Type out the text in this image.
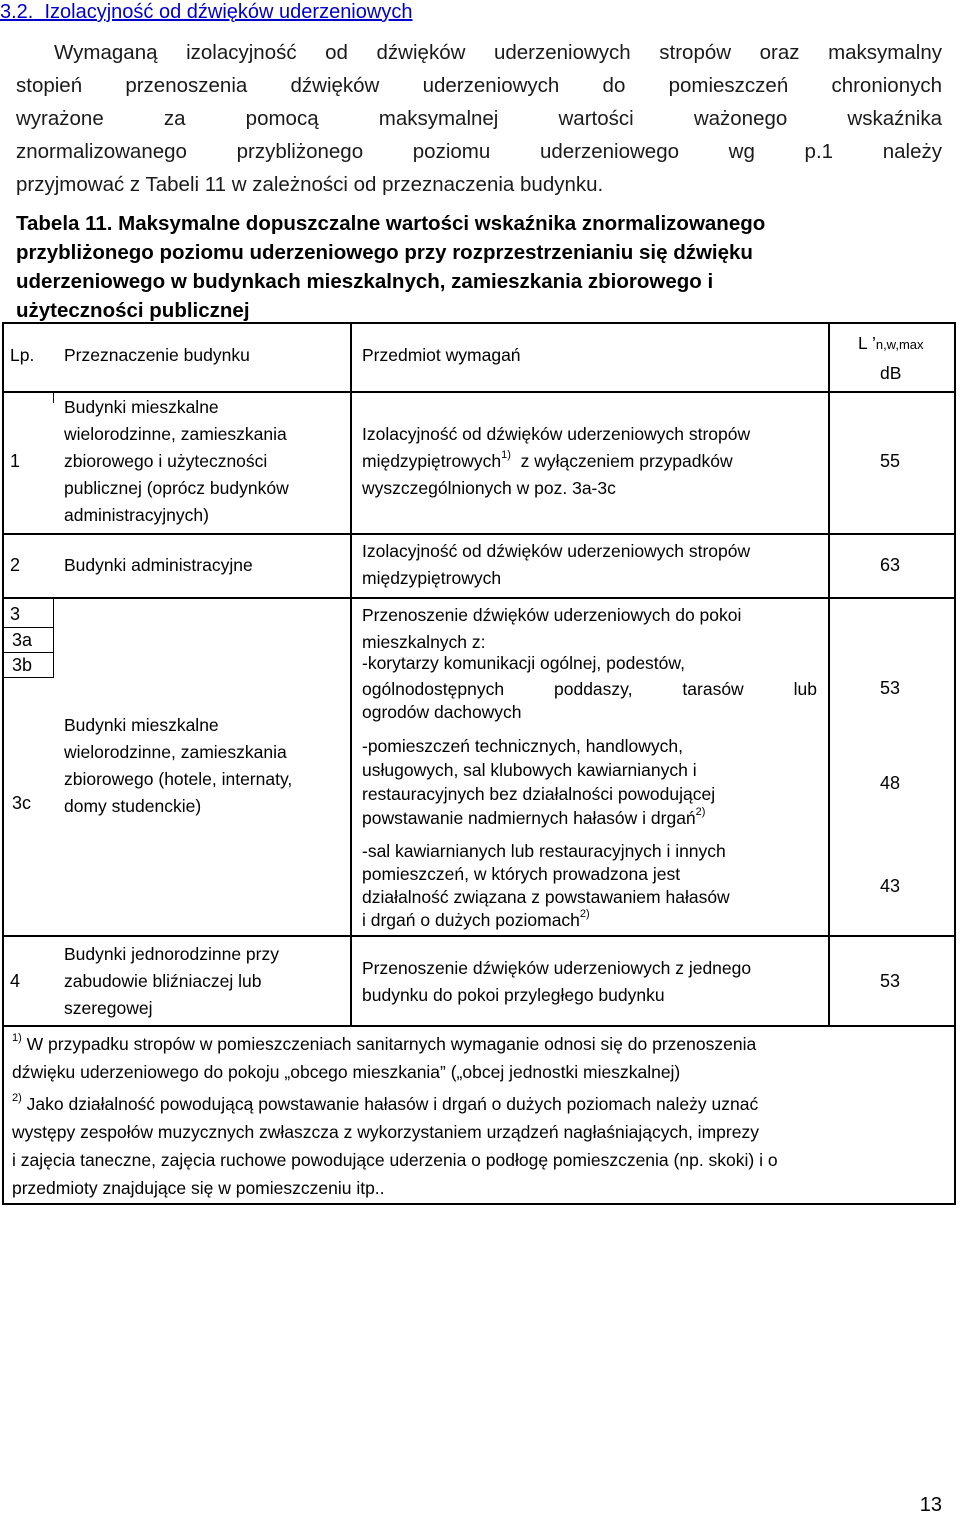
3.2. Izolacyjność od dźwięków uderzeniowych
Wymaganą izolacyjność od dźwięków uderzeniowych stropów oraz maksymalny
stopień przenoszenia dźwięków uderzeniowych do pomieszczeń chronionych
wyrażone za pomocą maksymalnej wartości ważonego wskaźnika
znormalizowanego przybliżonego poziomu uderzeniowego wg p.1 należy
przyjmować z Tabeli 11 w zależności od przeznaczenia budynku.
Tabela 11. Maksymalne dopuszczalne wartości wskaźnika znormalizowanego
przybliżonego poziomu uderzeniowego przy rozprzestrzenianiu się dźwięku
uderzeniowego w budynkach mieszkalnych, zamieszkania zbiorowego i
użyteczności publicznej
Lp. Przeznaczenie budynku	Przedmiot wymagań
L ’n,w,max
dB
1
Budynki mieszkalne
wielorodzinne, zamieszkania
zbiorowego i użyteczności
publicznej (oprócz budynków
administracyjnych)
Izolacyjność od dźwięków uderzeniowych stropów
międzypiętrowych$^{1)}$ z wyłączeniem przypadków
wyszczególnionych w poz. 3a-3c
55
2	Budynki administracyjne
Izolacyjność od dźwięków uderzeniowych stropów
międzypiętrowych
63
3
3a
3b
3c
Budynki mieszkalne
wielorodzinne, zamieszkania
zbiorowego (hotele, internaty,
domy studenckie)
Przenoszenie dźwięków uderzeniowych do pokoi
mieszkalnych z:
-korytarzy komunikacji ogólnej, podestów,
ogólnodostępnych poddaszy, tarasów lub
ogrodów dachowych
53
-pomieszczeń technicznych, handlowych,
usługowych, sal klubowych kawiarnianych i
restauracyjnych bez działalności powodującej
powstawanie nadmiernych hałasów i drgań$^{2)}$
48
-sal kawiarnianych lub restauracyjnych i innych
pomieszczeń, w których prowadzona jest
działalność związana z powstawaniem hałasów
i drgań o dużych poziomach$^{2)}$
43
4
Budynki jednorodzinne przy
zabudowie bliźniaczej lub
szeregowej
Przenoszenie dźwięków uderzeniowych z jednego
budynku do pokoi przyległego budynku
53
$^{1)}$ W przypadku stropów w pomieszczeniach sanitarnych wymaganie odnosi się do przenoszenia
dźwięku uderzeniowego do pokoju „obcego mieszkania” („obcej jednostki mieszkalnej)
$^{2)}$ Jako działalność powodującą powstawanie hałasów i drgań o dużych poziomach należy uznać
występy zespołów muzycznych zwłaszcza z wykorzystaniem urządzeń nagłaśniających, imprezy
i zajęcia taneczne, zajęcia ruchowe powodujące uderzenia o podłogę pomieszczenia (np. skoki) i o
przedmioty znajdujące się w pomieszczeniu itp..
13
